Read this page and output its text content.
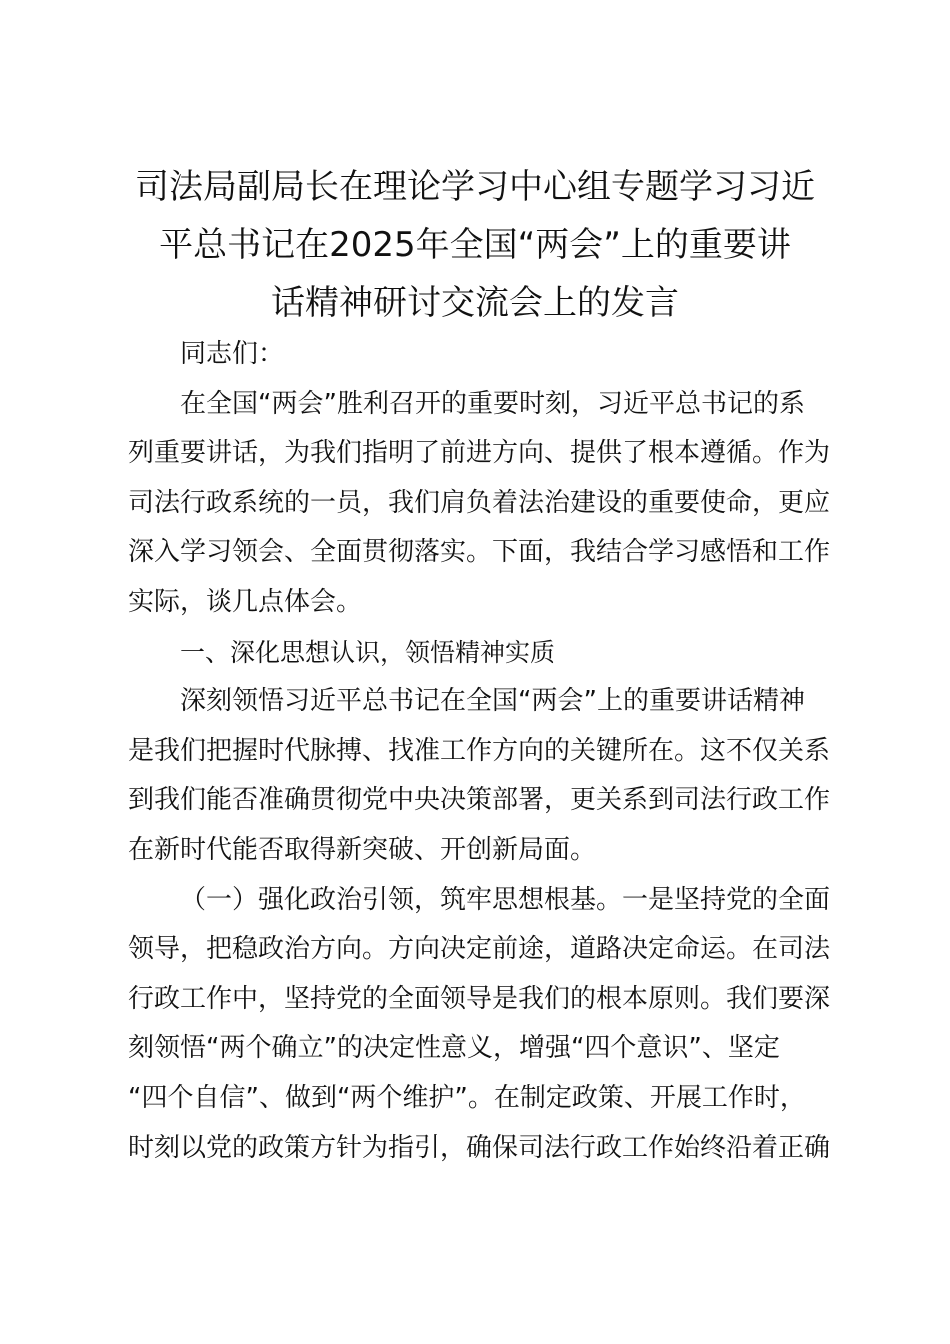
司法局副局长在理论学习中心组专题学习习近
平总书记在2025年全国“两会”上的重要讲
话精神研讨交流会上的发言
同志们：
在全国“两会”胜利召开的重要时刻，习近平总书记的系
列重要讲话，为我们指明了前进方向、提供了根本遵循。作为
司法行政系统的一员，我们肩负着法治建设的重要使命，更应
深入学习领会、全面贯彻落实。下面，我结合学习感悟和工作
实际，谈几点体会。
一、深化思想认识，领悟精神实质
深刻领悟习近平总书记在全国“两会”上的重要讲话精神
是我们把握时代脉搏、找准工作方向的关键所在。这不仅关系
到我们能否准确贯彻党中央决策部署，更关系到司法行政工作
在新时代能否取得新突破、开创新局面。
（一）强化政治引领，筑牢思想根基。一是坚持党的全面
领导，把稳政治方向。方向决定前途，道路决定命运。在司法
行政工作中，坚持党的全面领导是我们的根本原则。我们要深
刻领悟“两个确立”的决定性意义，增强“四个意识”、坚定
“四个自信”、做到“两个维护”。在制定政策、开展工作时，
时刻以党的政策方针为指引，确保司法行政工作始终沿着正确
